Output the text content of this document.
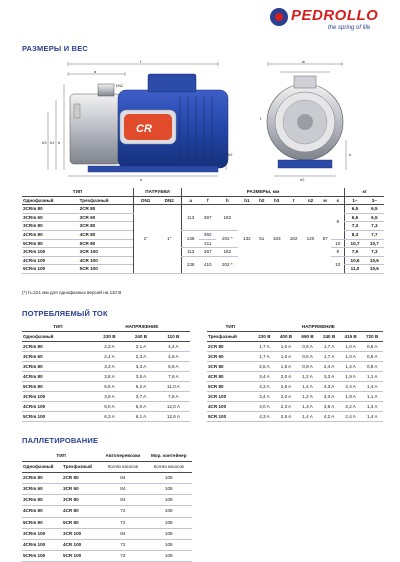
PEDROLLO
the spring of life
РАЗМЕРЫ И ВЕС
f
a
DN2
h3 h1 h
h2
n
CR
w
s
n2
t
ТИП		ПАТРУБКИ		РАЗМЕРЫ, мм										кг	
Однофазный	Трехфазный	DN1	DN2	a	f	h	h1	h2	h3	t	n2	w	s	1~	3~
2CRm 80	2CR 80	1"	1"	113	367	182	132	51	183	182	120	87	9	6,5	6,5
3CRm 60	3CR 60													6,5	6,5
3CRm 80	3CR 80													7,3	7,3
4CRm 80	4CR 80			138	392	202 *								8,3	7,7
5CRm 80	5CR 80				411								10	10,7	10,7
3CRm 100	3CR 100			113	367	182							9	7,9	7,3
4CRm 100	4CR 100			138	410	202 *							10	10,6	10,6
5CRm 100	5CR 100													11,0	10,6
(*) h=221 мм для однофазных версий на 110 В
ПОТРЕБЛЯЕМЫЙ ТОК
ТИП	НАПРЯЖЕНИЕ		
Однофазный	230 В	240 В	110 В
2CRm 80	2,3 A	2,1 A	4,4 A
3CRm 60	2,4 A	2,3 A	4,8 A
3CRm 80	3,3 A	3,3 A	6,6 A
4CRm 80	3,8 A	3,6 A	7,6 A
5CRm 80	5,5 A	5,2 A	11,0 A
3CRm 100	3,9 A	3,7 A	7,8 A
4CRm 100	6,0 A	6,0 A	12,0 A
5CRm 100	6,3 A	6,1 A	12,6 A
ТИП	НАПРЯЖЕНИЕ					
Трехфазный	230 В	400 В	690 В	240 В	415 В	720 В
2CR 80	1,7 A	1,0 A	0,6 A	1,7 A	1,0 A	0,6 A
3CR 60	1,7 A	1,0 A	0,6 A	1,7 A	1,0 A	0,6 A
3CR 80	2,5 A	1,5 A	0,9 A	2,4 A	1,4 A	0,8 A
4CR 80	3,4 A	2,0 A	1,2 A	3,3 A	1,9 A	1,1 A
5CR 80	4,3 A	2,5 A	1,4 A	4,3 A	2,4 A	1,4 A
3CR 100	3,4 A	2,0 A	1,2 A	3,3 A	1,9 A	1,1 A
4CR 100	4,0 A	2,3 A	1,3 A	3,8 A	2,2 A	1,3 A
5CR 100	4,3 A	2,5 A	1,4 A	4,2 A	2,4 A	1,4 A
ПАЛЛЕТИРОВАНИЕ
ТИП		Автоперевозки	Мор. контейнер
Однофазный	Трехфазный	Кол-во насосов	Кол-во насосов
2CRm 80	2CR 80	84	108
3CRm 60	3CR 60	84	108
3CRm 80	3CR 80	84	108
4CRm 80	4CR 80	72	108
5CRm 80	5CR 80	72	108
3CRm 100	3CR 100	84	108
4CRm 100	4CR 100	72	108
5CRm 100	5CR 100	72	108
